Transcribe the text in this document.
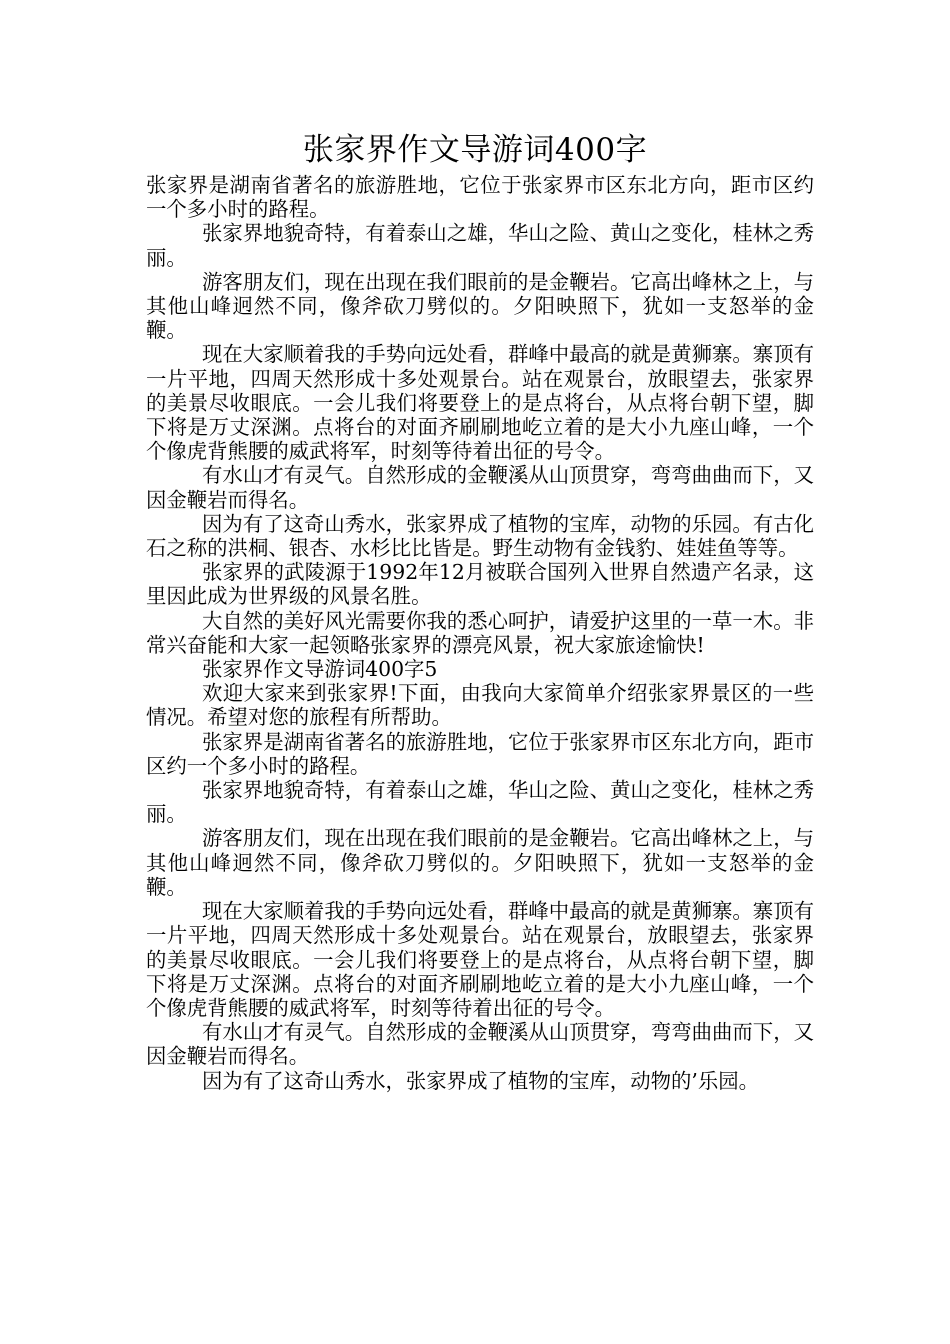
张家界作文导游词400字

张家界是湖南省著名的旅游胜地，它位于张家界市区东北方向，距市区约一个多小时的路程。

张家界地貌奇特，有着泰山之雄，华山之险、黄山之变化，桂林之秀丽。

游客朋友们，现在出现在我们眼前的是金鞭岩。它高出峰林之上，与其他山峰迥然不同，像斧砍刀劈似的。夕阳映照下，犹如一支怒举的金鞭。

现在大家顺着我的手势向远处看，群峰中最高的就是黄狮寨。寨顶有一片平地，四周天然形成十多处观景台。站在观景台，放眼望去，张家界的美景尽收眼底。一会儿我们将要登上的是点将台，从点将台朝下望，脚下将是万丈深渊。点将台的对面齐刷刷地屹立着的是大小九座山峰，一个个像虎背熊腰的威武将军，时刻等待着出征的号令。

有水山才有灵气。自然形成的金鞭溪从山顶贯穿，弯弯曲曲而下，又因金鞭岩而得名。

因为有了这奇山秀水，张家界成了植物的宝库，动物的乐园。有古化石之称的洪桐、银杏、水杉比比皆是。野生动物有金钱豹、娃娃鱼等等。

张家界的武陵源于1992年12月被联合国列入世界自然遗产名录，这里因此成为世界级的风景名胜。

大自然的美好风光需要你我的悉心呵护，请爱护这里的一草一木。非常兴奋能和大家一起领略张家界的漂亮风景，祝大家旅途愉快!

张家界作文导游词400字5

欢迎大家来到张家界!下面，由我向大家简单介绍张家界景区的一些情况。希望对您的旅程有所帮助。

张家界是湖南省著名的旅游胜地，它位于张家界市区东北方向，距市区约一个多小时的路程。

张家界地貌奇特，有着泰山之雄，华山之险、黄山之变化，桂林之秀丽。

游客朋友们，现在出现在我们眼前的是金鞭岩。它高出峰林之上，与其他山峰迥然不同，像斧砍刀劈似的。夕阳映照下，犹如一支怒举的金鞭。

现在大家顺着我的手势向远处看，群峰中最高的就是黄狮寨。寨顶有一片平地，四周天然形成十多处观景台。站在观景台，放眼望去，张家界的美景尽收眼底。一会儿我们将要登上的是点将台，从点将台朝下望，脚下将是万丈深渊。点将台的对面齐刷刷地屹立着的是大小九座山峰，一个个像虎背熊腰的威武将军，时刻等待着出征的号令。

有水山才有灵气。自然形成的金鞭溪从山顶贯穿，弯弯曲曲而下，又因金鞭岩而得名。

因为有了这奇山秀水，张家界成了植物的宝库，动物的’乐园。
